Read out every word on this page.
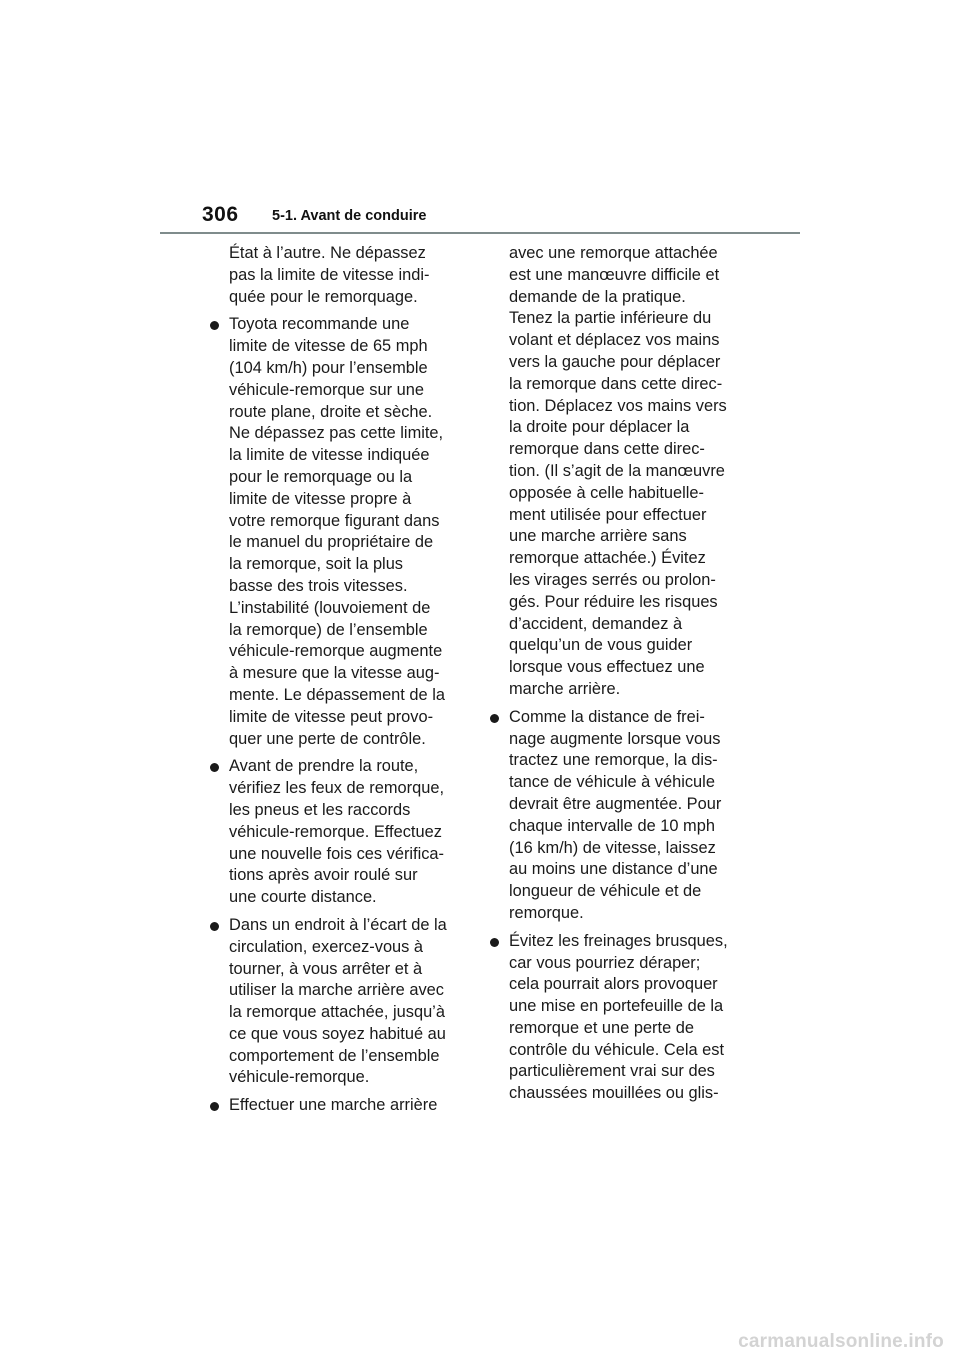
306 5-1. Avant de conduire
État à l’autre. Ne dépassez
pas la limite de vitesse indi-
quée pour le remorquage.
Toyota recommande une
limite de vitesse de 65 mph
(104 km/h) pour l’ensemble
véhicule-remorque sur une
route plane, droite et sèche.
Ne dépassez pas cette limite,
la limite de vitesse indiquée
pour le remorquage ou la
limite de vitesse propre à
votre remorque figurant dans
le manuel du propriétaire de
la remorque, soit la plus
basse des trois vitesses.
L’instabilité (louvoiement de
la remorque) de l’ensemble
véhicule-remorque augmente
à mesure que la vitesse aug-
mente. Le dépassement de la
limite de vitesse peut provo-
quer une perte de contrôle.
Avant de prendre la route,
vérifiez les feux de remorque,
les pneus et les raccords
véhicule-remorque. Effectuez
une nouvelle fois ces vérifica-
tions après avoir roulé sur
une courte distance.
Dans un endroit à l’écart de la
circulation, exercez-vous à
tourner, à vous arrêter et à
utiliser la marche arrière avec
la remorque attachée, jusqu’à
ce que vous soyez habitué au
comportement de l’ensemble
véhicule-remorque.
Effectuer une marche arrière
avec une remorque attachée
est une manœuvre difficile et
demande de la pratique.
Tenez la partie inférieure du
volant et déplacez vos mains
vers la gauche pour déplacer
la remorque dans cette direc-
tion. Déplacez vos mains vers
la droite pour déplacer la
remorque dans cette direc-
tion. (Il s’agit de la manœuvre
opposée à celle habituelle-
ment utilisée pour effectuer
une marche arrière sans
remorque attachée.) Évitez
les virages serrés ou prolon-
gés. Pour réduire les risques
d’accident, demandez à
quelqu’un de vous guider
lorsque vous effectuez une
marche arrière.
Comme la distance de frei-
nage augmente lorsque vous
tractez une remorque, la dis-
tance de véhicule à véhicule
devrait être augmentée. Pour
chaque intervalle de 10 mph
(16 km/h) de vitesse, laissez
au moins une distance d’une
longueur de véhicule et de
remorque.
Évitez les freinages brusques,
car vous pourriez déraper;
cela pourrait alors provoquer
une mise en portefeuille de la
remorque et une perte de
contrôle du véhicule. Cela est
particulièrement vrai sur des
chaussées mouillées ou glis-
carmanualsonline.info
